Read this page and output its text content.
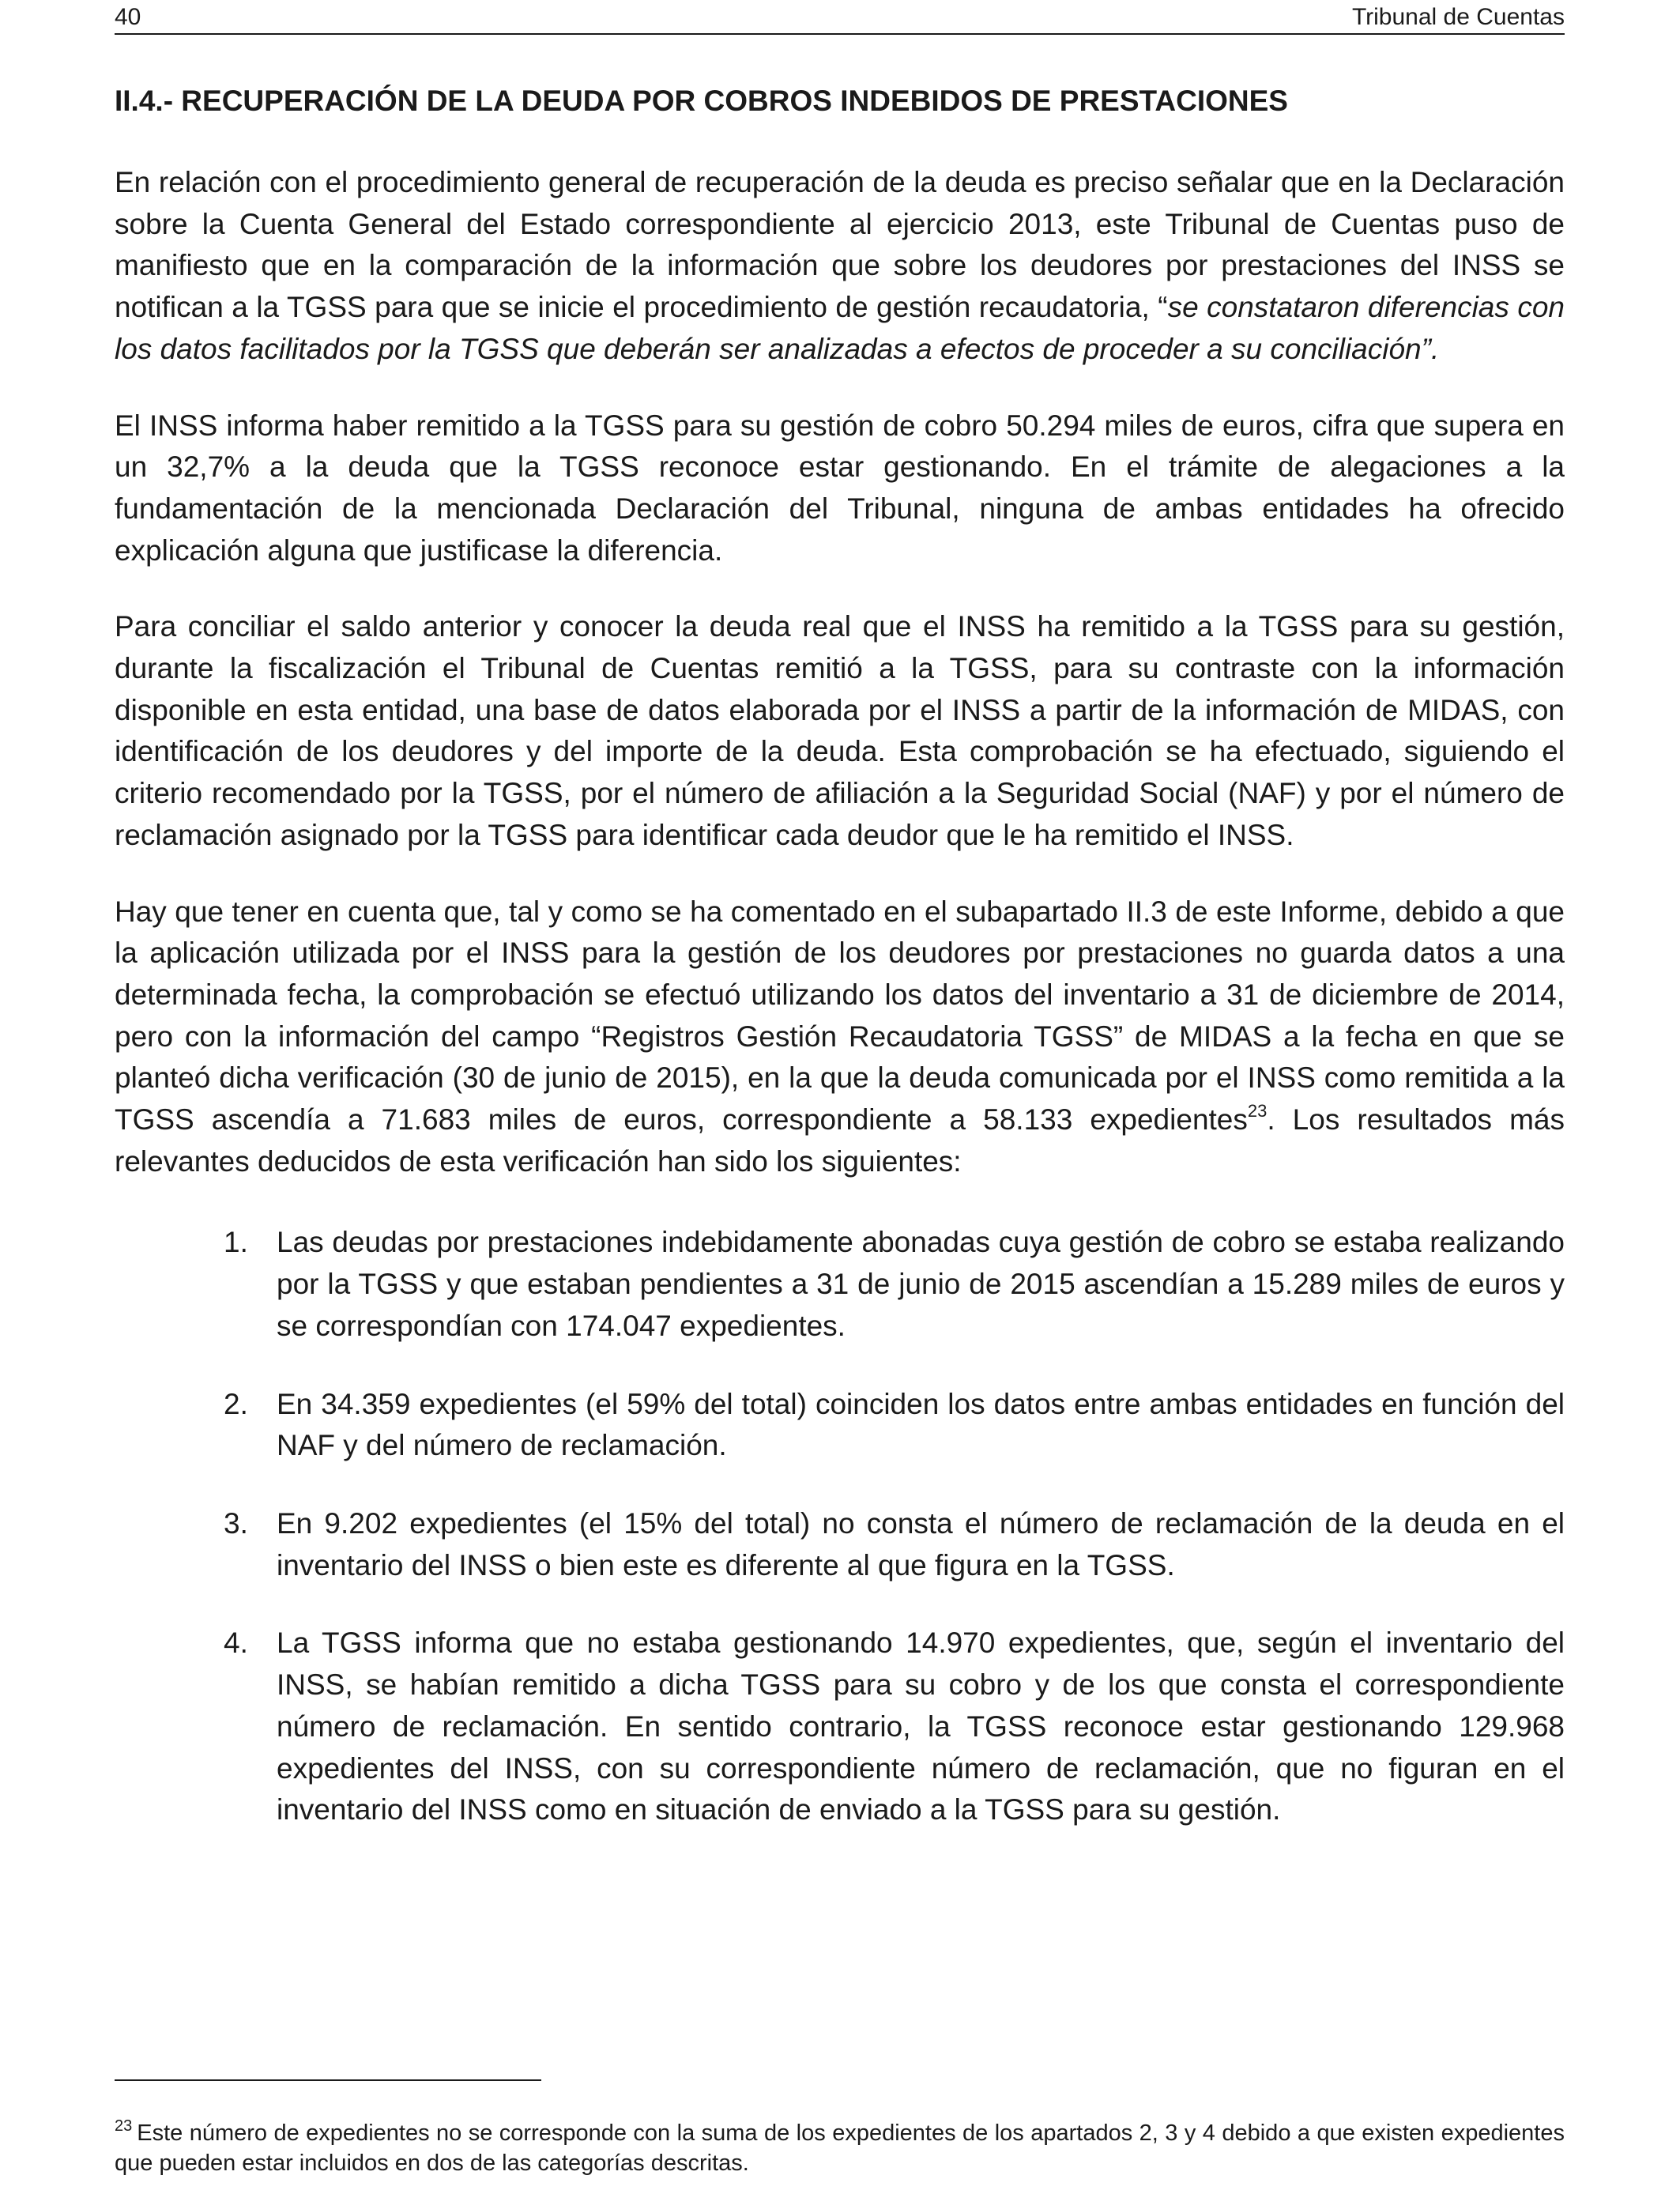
40	Tribunal de Cuentas
II.4.- RECUPERACIÓN DE LA DEUDA POR COBROS INDEBIDOS DE PRESTACIONES

En relación con el procedimiento general de recuperación de la deuda es preciso señalar que en la Declaración sobre la Cuenta General del Estado correspondiente al ejercicio 2013, este Tribunal de Cuentas puso de manifiesto que en la comparación de la información que sobre los deudores por prestaciones del INSS se notifican a la TGSS para que se inicie el procedimiento de gestión recaudatoria, “se constataron diferencias con los datos facilitados por la TGSS que deberán ser analizadas a efectos de proceder a su conciliación”.

El INSS informa haber remitido a la TGSS para su gestión de cobro 50.294 miles de euros, cifra que supera en un 32,7% a la deuda que la TGSS reconoce estar gestionando. En el trámite de alegaciones a la fundamentación de la mencionada Declaración del Tribunal, ninguna de ambas entidades ha ofrecido explicación alguna que justificase la diferencia.

Para conciliar el saldo anterior y conocer la deuda real que el INSS ha remitido a la TGSS para su gestión, durante la fiscalización el Tribunal de Cuentas remitió a la TGSS, para su contraste con la información disponible en esta entidad, una base de datos elaborada por el INSS a partir de la información de MIDAS, con identificación de los deudores y del importe de la deuda. Esta comprobación se ha efectuado, siguiendo el criterio recomendado por la TGSS, por el número de afiliación a la Seguridad Social (NAF) y por el número de reclamación asignado por la TGSS para identificar cada deudor que le ha remitido el INSS.

Hay que tener en cuenta que, tal y como se ha comentado en el subapartado II.3 de este Informe, debido a que la aplicación utilizada por el INSS para la gestión de los deudores por prestaciones no guarda datos a una determinada fecha, la comprobación se efectuó utilizando los datos del inventario a 31 de diciembre de 2014, pero con la información del campo “Registros Gestión Recaudatoria TGSS” de MIDAS a la fecha en que se planteó dicha verificación (30 de junio de 2015), en la que la deuda comunicada por el INSS como remitida a la TGSS ascendía a 71.683 miles de euros, correspondiente a 58.133 expedientes$^{23}$. Los resultados más relevantes deducidos de esta verificación han sido los siguientes:

1. Las deudas por prestaciones indebidamente abonadas cuya gestión de cobro se estaba realizando por la TGSS y que estaban pendientes a 31 de junio de 2015 ascendían a 15.289 miles de euros y se correspondían con 174.047 expedientes.
2. En 34.359 expedientes (el 59% del total) coinciden los datos entre ambas entidades en función del NAF y del número de reclamación.
3. En 9.202 expedientes (el 15% del total) no consta el número de reclamación de la deuda en el inventario del INSS o bien este es diferente al que figura en la TGSS.
4. La TGSS informa que no estaba gestionando 14.970 expedientes, que, según el inventario del INSS, se habían remitido a dicha TGSS para su cobro y de los que consta el correspondiente número de reclamación. En sentido contrario, la TGSS reconoce estar gestionando 129.968 expedientes del INSS, con su correspondiente número de reclamación, que no figuran en el inventario del INSS como en situación de enviado a la TGSS para su gestión.
$^{23}$ Este número de expedientes no se corresponde con la suma de los expedientes de los apartados 2, 3 y 4 debido a que existen expedientes que pueden estar incluidos en dos de las categorías descritas.
